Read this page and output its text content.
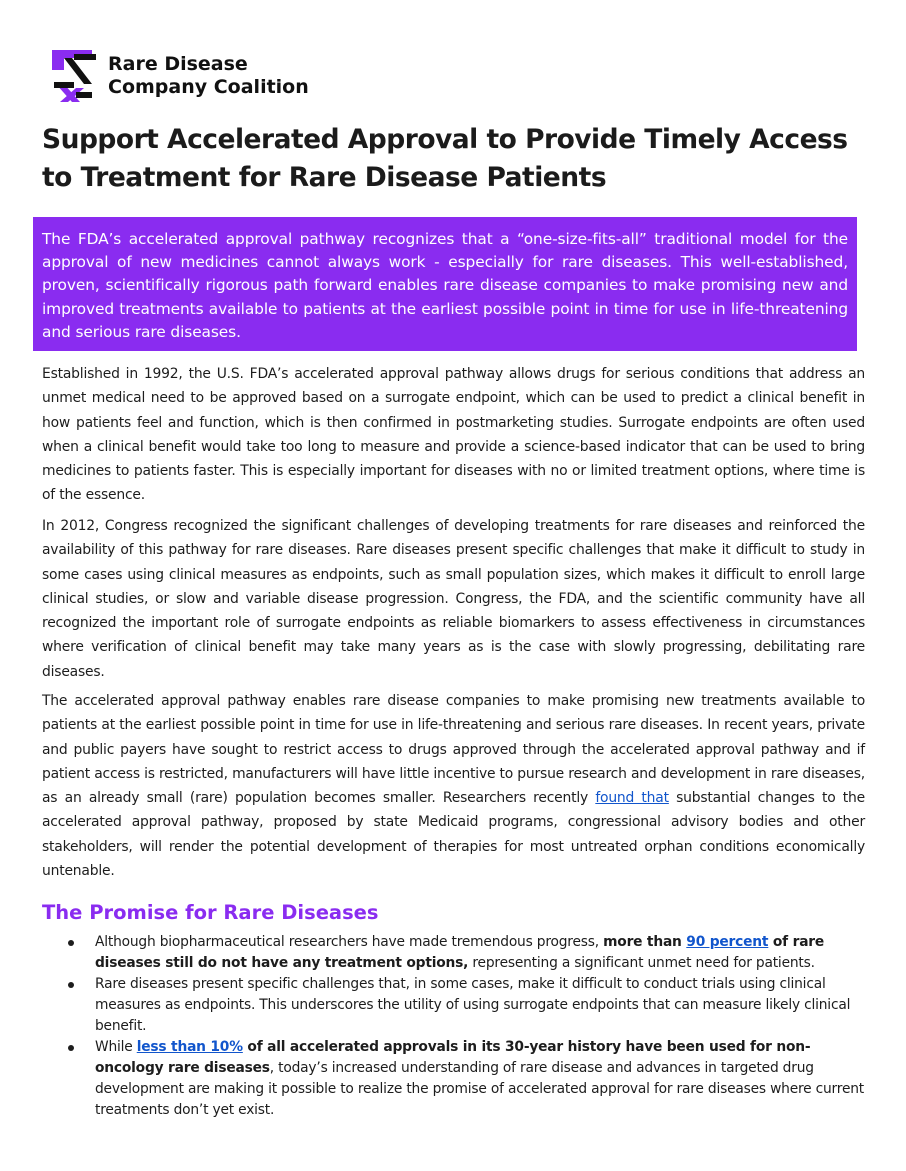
Rare Disease
Company Coalition
Support Accelerated Approval to Provide Timely Access to Treatment for Rare Disease Patients
The FDA’s accelerated approval pathway recognizes that a “one-size-fits-all” traditional model for the approval of new medicines cannot always work - especially for rare diseases. This well-established, proven, scientifically rigorous path forward enables rare disease companies to make promising new and improved treatments available to patients at the earliest possible point in time for use in life-threatening and serious rare diseases.

Established in 1992, the U.S. FDA’s accelerated approval pathway allows drugs for serious conditions that address an unmet medical need to be approved based on a surrogate endpoint, which can be used to predict a clinical benefit in how patients feel and function, which is then confirmed in postmarketing studies. Surrogate endpoints are often used when a clinical benefit would take too long to measure and provide a science-based indicator that can be used to bring medicines to patients faster. This is especially important for diseases with no or limited treatment options, where time is of the essence.

In 2012, Congress recognized the significant challenges of developing treatments for rare diseases and reinforced the availability of this pathway for rare diseases. Rare diseases present specific challenges that make it difficult to study in some cases using clinical measures as endpoints, such as small population sizes, which makes it difficult to enroll large clinical studies, or slow and variable disease progression. Congress, the FDA, and the scientific community have all recognized the important role of surrogate endpoints as reliable biomarkers to assess effectiveness in circumstances where verification of clinical benefit may take many years as is the case with slowly progressing, debilitating rare diseases.

The accelerated approval pathway enables rare disease companies to make promising new treatments available to patients at the earliest possible point in time for use in life-threatening and serious rare diseases. In recent years, private and public payers have sought to restrict access to drugs approved through the accelerated approval pathway and if patient access is restricted, manufacturers will have little incentive to pursue research and development in rare diseases, as an already small (rare) population becomes smaller. Researchers recently found that substantial changes to the accelerated approval pathway, proposed by state Medicaid programs, congressional advisory bodies and other stakeholders, will render the potential development of therapies for most untreated orphan conditions economically untenable.

The Promise for Rare Diseases
Although biopharmaceutical researchers have made tremendous progress, more than 90 percent of rare diseases still do not have any treatment options, representing a significant unmet need for patients.
Rare diseases present specific challenges that, in some cases, make it difficult to conduct trials using clinical measures as endpoints. This underscores the utility of using surrogate endpoints that can measure likely clinical benefit.
While less than 10% of all accelerated approvals in its 30-year history have been used for non-oncology rare diseases, today’s increased understanding of rare disease and advances in targeted drug development are making it possible to realize the promise of accelerated approval for rare diseases where current treatments don’t yet exist.
